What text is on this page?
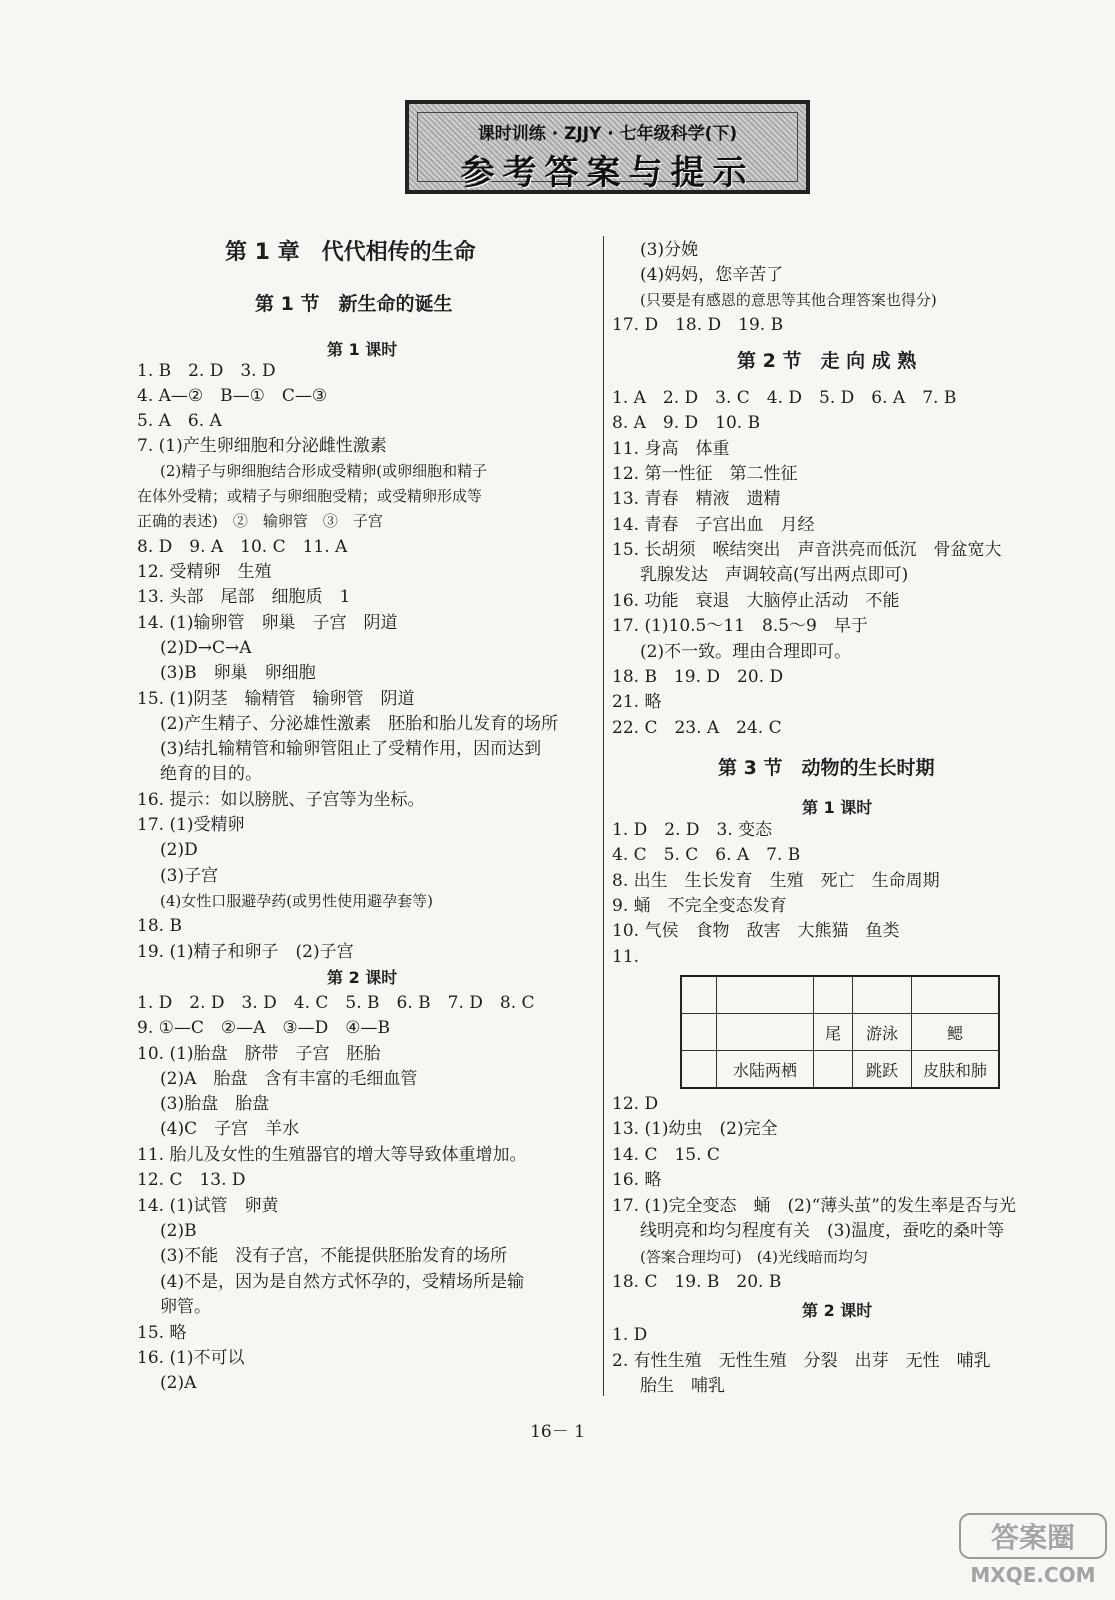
课时训练 · ZJJY · 七年级科学(下)
参考答案与提示
第 1 章　代代相传的生命
第 1 节　新生命的诞生
第 1 课时
1. B　2. D　3. D
4. A—②　B—①　C—③
5. A　6. A
7. (1)产生卵细胞和分泌雌性激素
(2)精子与卵细胞结合形成受精卵(或卵细胞和精子
在体外受精；或精子与卵细胞受精；或受精卵形成等
正确的表述)　②　输卵管　③　子宫
8. D　9. A　10. C　11. A
12. 受精卵　生殖
13. 头部　尾部　细胞质　1
14. (1)输卵管　卵巢　子宫　阴道
(2)D→C→A
(3)B　卵巢　卵细胞
15. (1)阴茎　输精管　输卵管　阴道
(2)产生精子、分泌雄性激素　胚胎和胎儿发育的场所
(3)结扎输精管和输卵管阻止了受精作用，因而达到
绝育的目的。
16. 提示：如以膀胱、子宫等为坐标。
17. (1)受精卵
(2)D
(3)子宫
(4)女性口服避孕药(或男性使用避孕套等)
18. B
19. (1)精子和卵子　(2)子宫
第 2 课时
1. D　2. D　3. D　4. C　5. B　6. B　7. D　8. C
9. ①—C　②—A　③—D　④—B
10. (1)胎盘　脐带　子宫　胚胎
(2)A　胎盘　含有丰富的毛细血管
(3)胎盘　胎盘
(4)C　子宫　羊水
11. 胎儿及女性的生殖器官的增大等导致体重增加。
12. C　13. D
14. (1)试管　卵黄
(2)B
(3)不能　没有子宫，不能提供胚胎发育的场所
(4)不是，因为是自然方式怀孕的，受精场所是输
卵管。
15. 略
16. (1)不可以
(2)A
(3)分娩
(4)妈妈，您辛苦了
(只要是有感恩的意思等其他合理答案也得分)
17. D　18. D　19. B
第 2 节　走 向 成 熟
1. A　2. D　3. C　4. D　5. D　6. A　7. B
8. A　9. D　10. B
11. 身高　体重
12. 第一性征　第二性征
13. 青春　精液　遗精
14. 青春　子宫出血　月经
15. 长胡须　喉结突出　声音洪亮而低沉　骨盆宽大
乳腺发达　声调较高(写出两点即可)
16. 功能　衰退　大脑停止活动　不能
17. (1)10.5～11　8.5～9　早于
(2)不一致。理由合理即可。
18. B　19. D　20. D
21. 略
22. C　23. A　24. C
第 3 节　动物的生长时期
第 1 课时
1. D　2. D　3. 变态
4. C　5. C　6. A　7. B
8. 出生　生长发育　生殖　死亡　生命周期
9. 蛹　不完全变态发育
10. 气侯　食物　敌害　大熊猫　鱼类
11.

		尾	游泳	鳃
	水陆两栖		跳跃	皮肤和肺
12. D
13. (1)幼虫　(2)完全
14. C　15. C
16. 略
17. (1)完全变态　蛹　(2)“薄头茧”的发生率是否与光
线明亮和均匀程度有关　(3)温度，蚕吃的桑叶等
(答案合理均可)　(4)光线暗而均匀
18. C　19. B　20. B
第 2 课时
1. D
2. 有性生殖　无性生殖　分裂　出芽　无性　哺乳
胎生　哺乳
16－ 1
答案圈
MXQE.COM
